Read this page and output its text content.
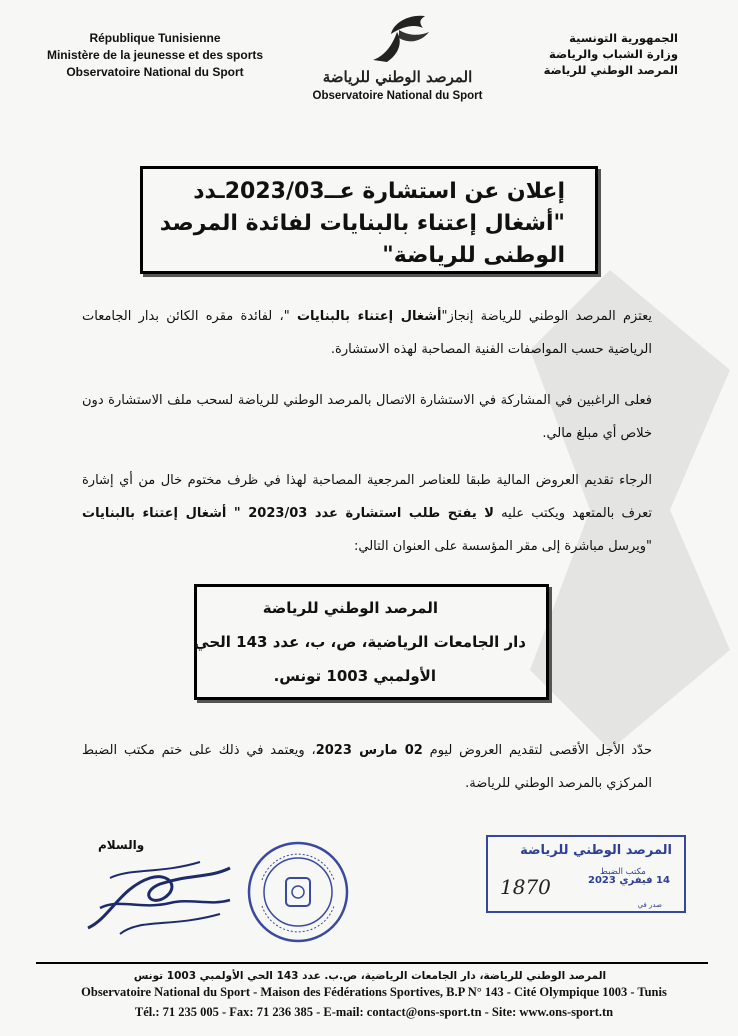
République Tunisienne
Ministère de la jeunesse et des sports
Observatoire National du Sport	المرصد الوطني للرياضة
Observatoire National du Sport
الجمهورية التونسية
وزارة الشباب والرياضة
المرصد الوطني للرياضة
إعلان عن استشارة عــ2023/03ـدد
"أشغال إعتناء بالبنايات لفائدة المرصد
الوطنى للرياضة"
يعتزم المرصد الوطني للرياضة إنجاز"أشغال إعتناء بالبنايات "، لفائدة مقره الكائن بدار الجامعات الرياضية حسب المواصفات الفنية المصاحبة لهذه الاستشارة.
فعلى الراغبين في المشاركة في الاستشارة الاتصال بالمرصد الوطني للرياضة لسحب ملف الاستشارة دون خلاص أي مبلغ مالي.
الرجاء تقديم العروض المالية طبقا للعناصر المرجعية المصاحبة لهذا في ظرف مختوم خال من أي إشارة تعرف بالمتعهد ويكتب عليه لا يفتح طلب استشارة عدد 2023/03 " أشغال إعتناء بالبنايات "ويرسل مباشرة إلى مقر المؤسسة على العنوان التالي:
المرصد الوطني للرياضة
دار الجامعات الرياضية، ص، ب، عدد 143 الحي
الأولمبي 1003 تونس.
حدّد الأجل الأقصى لتقديم العروض ليوم 02 مارس 2023، ويعتمد في ذلك على ختم مكتب الضبط المركزي بالمرصد الوطني للرياضة.
والسلام	المرصد الوطني للرياضة
مكتب الضبط
1870	14 فيفري 2023
صدر في
المرصد الوطني للرياضة، دار الجامعات الرياضية، ص.ب. عدد 143 الحي الأولمبي 1003 تونس
Observatoire National du Sport - Maison des Fédérations Sportives, B.P N° 143 - Cité Olympique 1003 - Tunis
Tél.: 71 235 005 - Fax: 71 236 385 - E-mail: contact@ons-sport.tn - Site: www.ons-sport.tn
